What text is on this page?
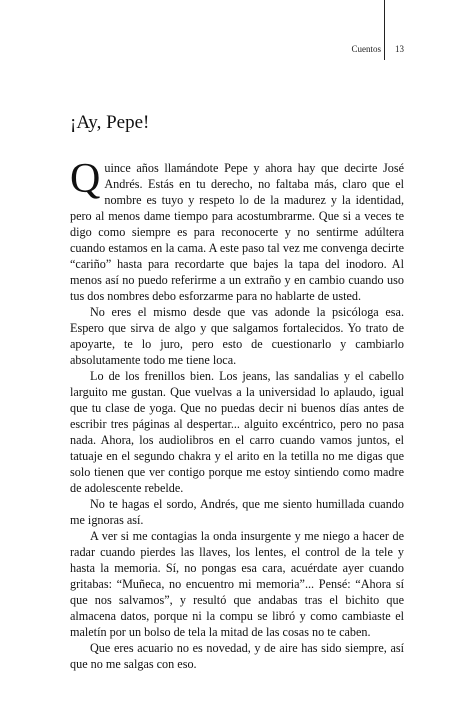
Cuentos 13
¡Ay, Pepe!

Quince años llamándote Pepe y ahora hay que decirte José Andrés. Estás en tu derecho, no faltaba más, claro que el nombre es tuyo y respeto lo de la madurez y la identidad, pero al menos dame tiempo para acostumbrarme. Que si a veces te digo como siempre es para reconocerte y no sentirme adúltera cuando estamos en la cama. A este paso tal vez me convenga decirte “cariño” hasta para recordarte que bajes la tapa del inodoro. Al menos así no puedo referirme a un extraño y en cambio cuando uso tus dos nombres debo esforzarme para no hablarte de usted.

No eres el mismo desde que vas adonde la psicóloga esa. Espero que sirva de algo y que salgamos fortalecidos. Yo trato de apoyarte, te lo juro, pero esto de cuestionarlo y cambiarlo absolutamente todo me tiene loca.

Lo de los frenillos bien. Los jeans, las sandalias y el cabello larguito me gustan. Que vuelvas a la universidad lo aplaudo, igual que tu clase de yoga. Que no puedas decir ni buenos días antes de escribir tres páginas al despertar... alguito excéntrico, pero no pasa nada. Ahora, los audiolibros en el carro cuando vamos juntos, el tatuaje en el segundo chakra y el arito en la tetilla no me digas que solo tienen que ver contigo porque me estoy sintiendo como madre de adolescente rebelde.

No te hagas el sordo, Andrés, que me siento humillada cuando me ignoras así.

A ver si me contagias la onda insurgente y me niego a hacer de radar cuando pierdes las llaves, los lentes, el control de la tele y hasta la memoria. Sí, no pongas esa cara, acuérdate ayer cuando gritabas: “Muñeca, no encuentro mi memoria”... Pensé: “Ahora sí que nos salvamos”, y resultó que andabas tras el bichito que almacena datos, porque ni la compu se libró y como cambiaste el maletín por un bolso de tela la mitad de las cosas no te caben.

Que eres acuario no es novedad, y de aire has sido siempre, así que no me salgas con eso.
